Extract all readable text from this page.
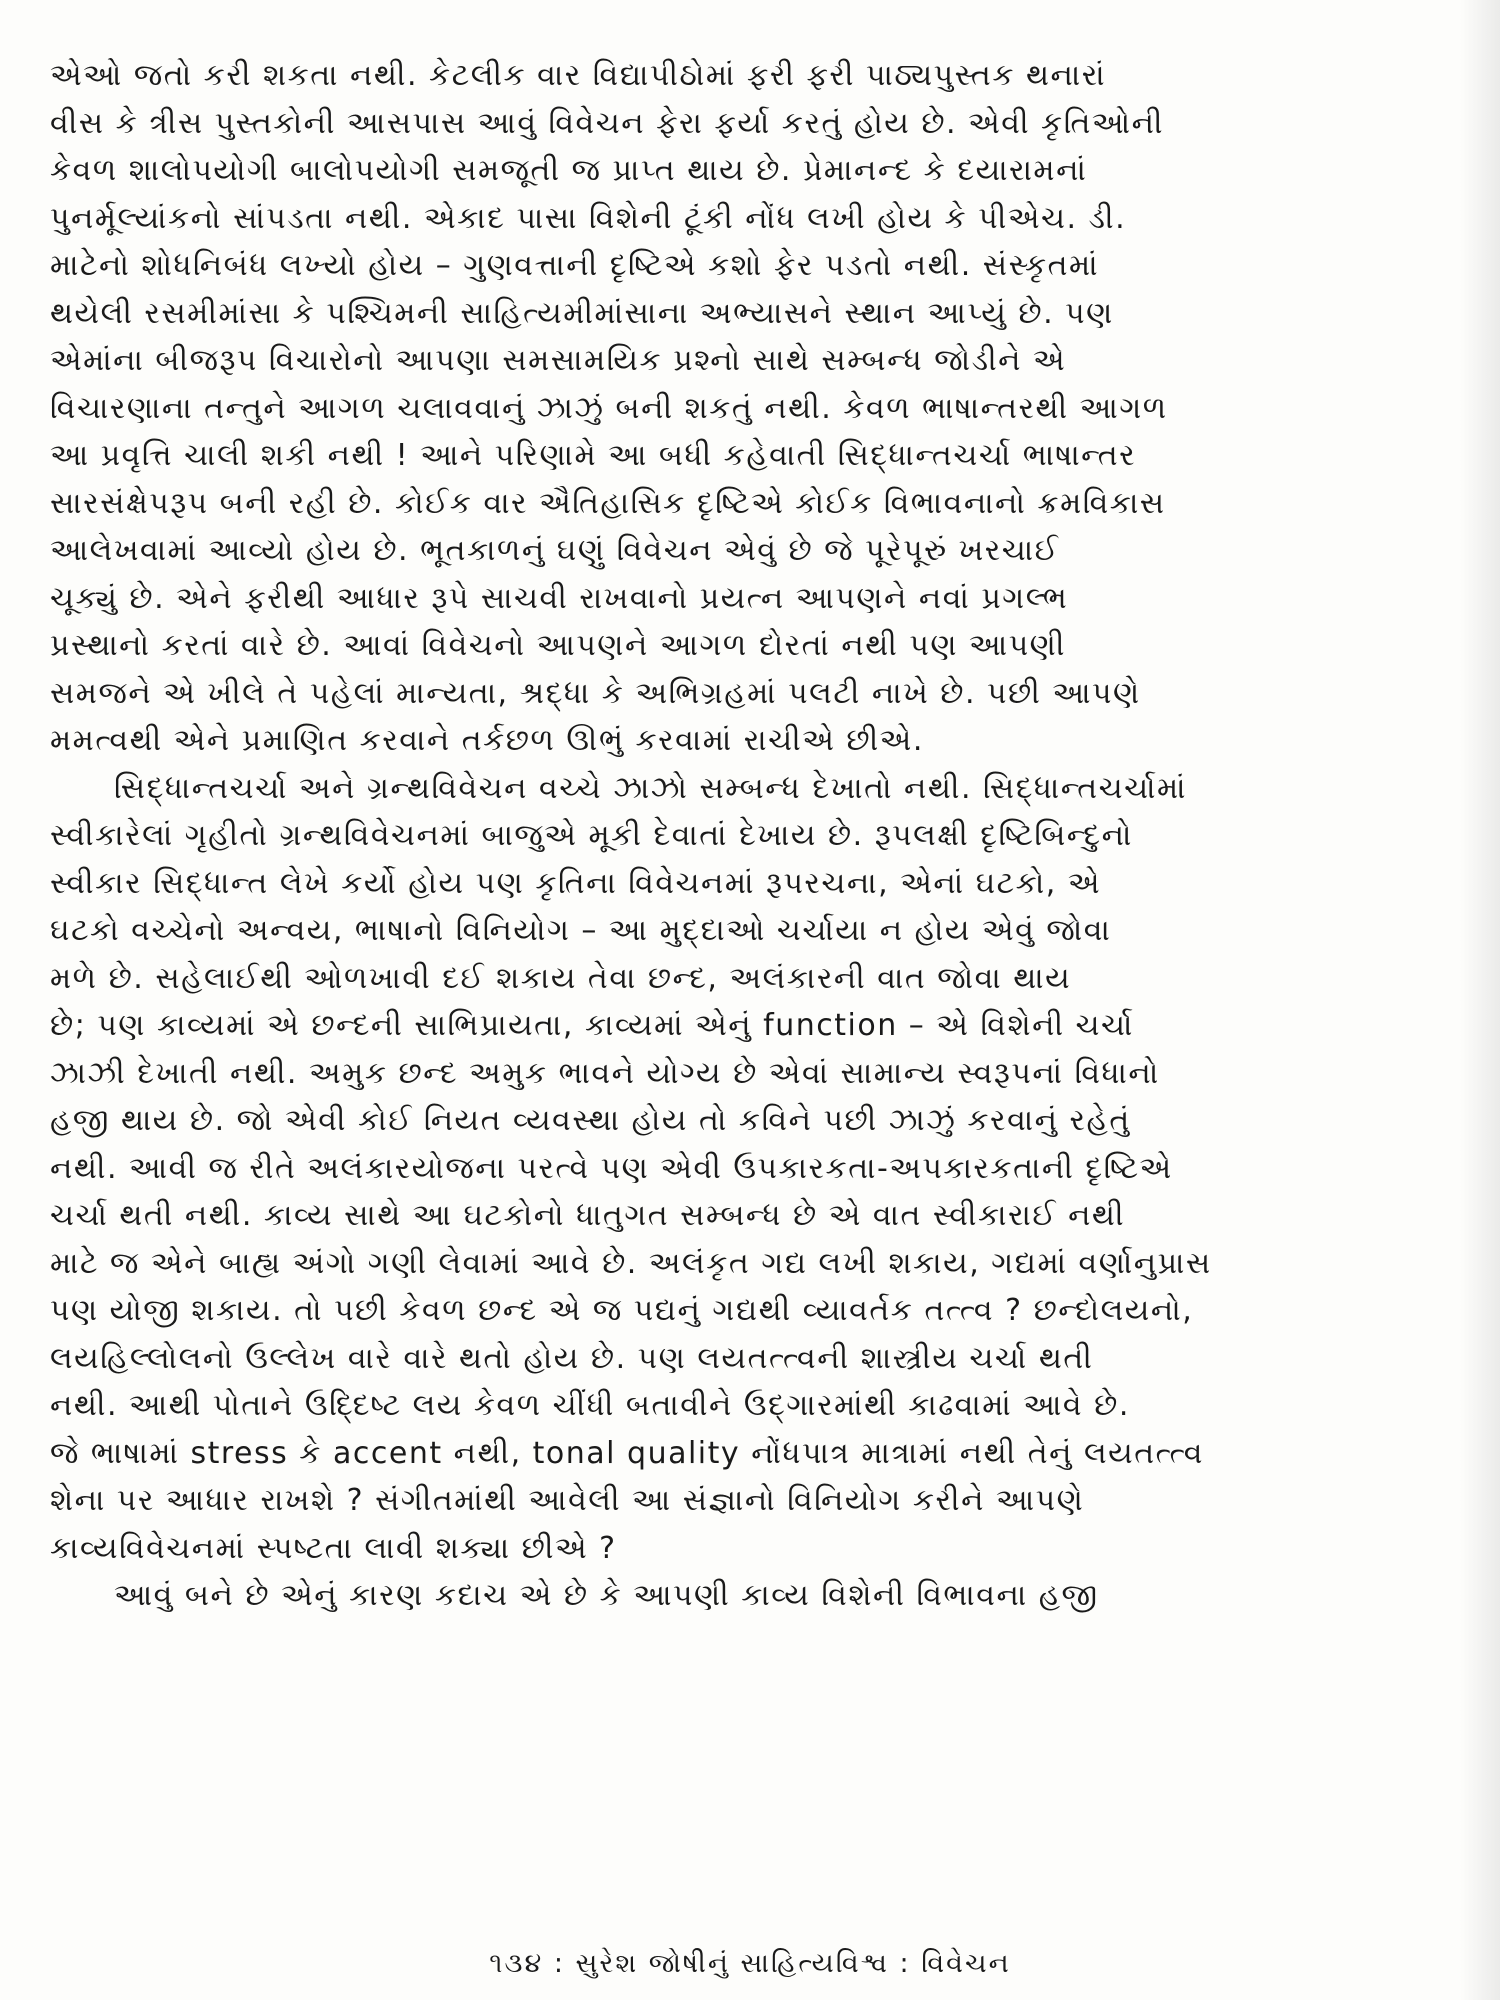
એઓ જતો કરી શકતા નથી. કેટલીક વાર વિદ્યાપીઠોમાં ફરી ફરી પાઠ્યપુસ્તક થનારાં
વીસ કે ત્રીસ પુસ્તકોની આસપાસ આવું વિવેચન ફેરા ફર્યા કરતું હોય છે. એવી કૃતિઓની
કેવળ શાલોપયોગી બાલોપયોગી સમજૂતી જ પ્રાપ્ત થાય છે. પ્રેમાનન્દ કે દયારામનાં
પુનર્મૂલ્યાંકનો સાંપડતા નથી. એકાદ પાસા વિશેની ટૂંકી નોંધ લખી હોય કે પીએચ. ડી.
માટેનો શોધનિબંધ લખ્યો હોય – ગુણવત્તાની દૃષ્ટિએ કશો ફેર પડતો નથી. સંસ્કૃતમાં
થયેલી રસમીમાંસા કે પશ્ચિમની સાહિત્યમીમાંસાના અભ્યાસને સ્થાન આપ્યું છે. પણ
એમાંના બીજરૂપ વિચારોનો આપણા સમસામયિક પ્રશ્નો સાથે સમ્બન્ધ જોડીને એ
વિચારણાના તન્તુને આગળ ચલાવવાનું ઝાઝું બની શકતું નથી. કેવળ ભાષાન્તરથી આગળ
આ પ્રવૃત્તિ ચાલી શકી નથી ! આને પરિણામે આ બધી કહેવાતી સિદ્ધાન્તચર્ચા ભાષાન્તર
સારસંક્ષેપરૂપ બની રહી છે. કોઈક વાર ઐતિહાસિક દૃષ્ટિએ કોઈક વિભાવનાનો ક્રમવિકાસ
આલેખવામાં આવ્યો હોય છે. ભૂતકાળનું ઘણું વિવેચન એવું છે જે પૂરેપૂરું ખરચાઈ
ચૂક્યું છે. એને ફરીથી આધાર રૂપે સાચવી રાખવાનો પ્રયત્ન આપણને નવાં પ્રગલ્ભ
પ્રસ્થાનો કરતાં વારે છે. આવાં વિવેચનો આપણને આગળ દોરતાં નથી પણ આપણી
સમજને એ ખીલે તે પહેલાં માન્યતા, શ્રદ્ધા કે અભિગ્રહમાં પલટી નાખે છે. પછી આપણે
મમત્વથી એને પ્રમાણિત કરવાને તર્કછળ ઊભું કરવામાં રાચીએ છીએ.
સિદ્ધાન્તચર્ચા અને ગ્રન્થવિવેચન વચ્ચે ઝાઝો સમ્બન્ધ દેખાતો નથી. સિદ્ધાન્તચર્ચામાં
સ્વીકારેલાં ગૃહીતો ગ્રન્થવિવેચનમાં બાજુએ મૂકી દેવાતાં દેખાય છે. રૂપલક્ષી દૃષ્ટિબિન્દુનો
સ્વીકાર સિદ્ધાન્ત લેખે કર્યો હોય પણ કૃતિના વિવેચનમાં રૂપરચના, એનાં ઘટકો, એ
ઘટકો વચ્ચેનો અન્વય, ભાષાનો વિનિયોગ – આ મુદ્દાઓ ચર્ચાયા ન હોય એવું જોવા
મળે છે. સહેલાઈથી ઓળખાવી દઈ શકાય તેવા છન્દ, અલંકારની વાત જોવા થાય
છે; પણ કાવ્યમાં એ છન્દની સાભિપ્રાયતા, કાવ્યમાં એનું function – એ વિશેની ચર્ચા
ઝાઝી દેખાતી નથી. અમુક છન્દ અમુક ભાવને યોગ્ય છે એવાં સામાન્ય સ્વરૂપનાં વિધાનો
હજી થાય છે. જો એવી કોઈ નિયત વ્યવસ્થા હોય તો કવિને પછી ઝાઝું કરવાનું રહેતું
નથી. આવી જ રીતે અલંકારયોજના પરત્વે પણ એવી ઉપકારકતા-અપકારકતાની દૃષ્ટિએ
ચર્ચા થતી નથી. કાવ્ય સાથે આ ઘટકોનો ધાતુગત સમ્બન્ધ છે એ વાત સ્વીકારાઈ નથી
માટે જ એને બાહ્ય અંગો ગણી લેવામાં આવે છે. અલંકૃત ગદ્ય લખી શકાય, ગદ્યમાં વર્ણાનુપ્રાસ
પણ યોજી શકાય. તો પછી કેવળ છન્દ એ જ પદ્યનું ગદ્યથી વ્યાવર્તક તત્ત્વ ? છન્દોલયનો,
લયહિલ્લોલનો ઉલ્લેખ વારે વારે થતો હોય છે. પણ લયતત્ત્વની શાસ્ત્રીય ચર્ચા થતી
નથી. આથી પોતાને ઉદ્દિષ્ટ લય કેવળ ચીંધી બતાવીને ઉદ્ગારમાંથી કાઢવામાં આવે છે.
જે ભાષામાં stress કે accent નથી, tonal quality નોંધપાત્ર માત્રામાં નથી તેનું લયતત્ત્વ
શેના પર આધાર રાખશે ? સંગીતમાંથી આવેલી આ સંજ્ઞાનો વિનિયોગ કરીને આપણે
કાવ્યવિવેચનમાં સ્પષ્ટતા લાવી શક્યા છીએ ?
આવું બને છે એનું કારણ કદાચ એ છે કે આપણી કાવ્ય વિશેની વિભાવના હજી
૧૩૪ : સુરેશ જોષીનું સાહિત્યવિશ્વ : વિવેચન
